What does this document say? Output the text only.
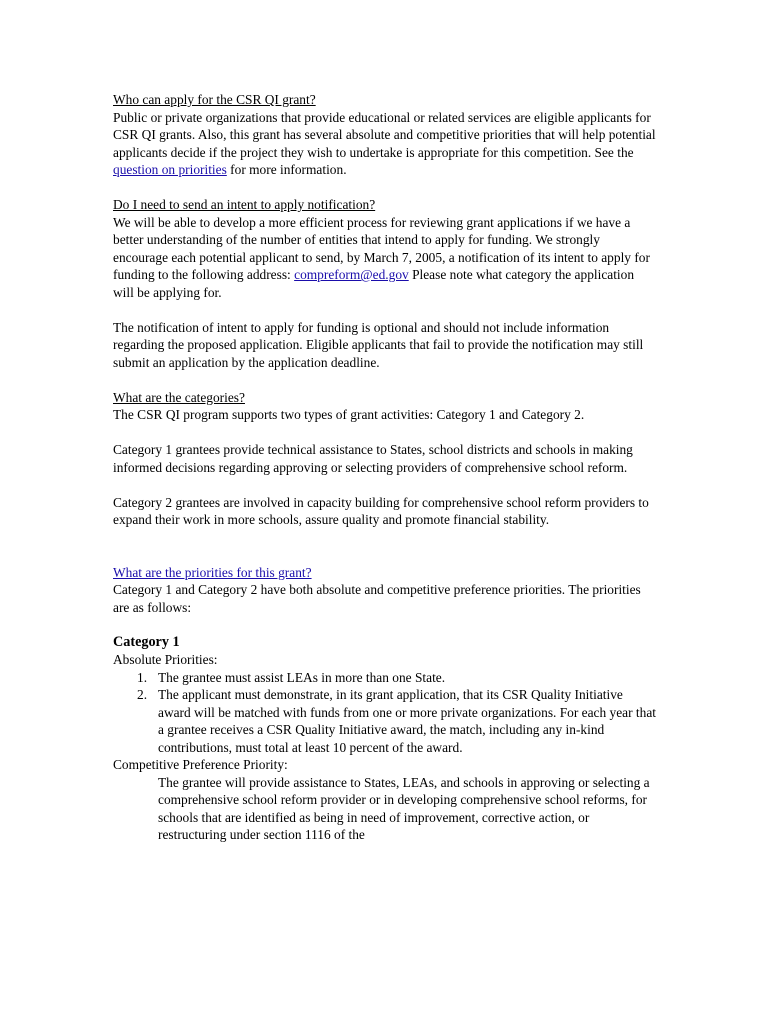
Who can apply for the CSR QI grant?

Public or private organizations that provide educational or related services are eligible applicants for CSR QI grants. Also, this grant has several absolute and competitive priorities that will help potential applicants decide if the project they wish to undertake is appropriate for this competition. See the question on priorities for more information.

Do I need to send an intent to apply notification?

We will be able to develop a more efficient process for reviewing grant applications if we have a better understanding of the number of entities that intend to apply for funding. We strongly encourage each potential applicant to send, by March 7, 2005, a notification of its intent to apply for funding to the following address: compreform@ed.gov Please note what category the application will be applying for.

The notification of intent to apply for funding is optional and should not include information regarding the proposed application. Eligible applicants that fail to provide the notification may still submit an application by the application deadline.

What are the categories?

The CSR QI program supports two types of grant activities: Category 1 and Category 2.

Category 1 grantees provide technical assistance to States, school districts and schools in making informed decisions regarding approving or selecting providers of comprehensive school reform.

Category 2 grantees are involved in capacity building for comprehensive school reform providers to expand their work in more schools, assure quality and promote financial stability.

What are the priorities for this grant?

Category 1 and Category 2 have both absolute and competitive preference priorities. The priorities are as follows:

Category 1

Absolute Priorities:

1. The grantee must assist LEAs in more than one State.
2. The applicant must demonstrate, in its grant application, that its CSR Quality Initiative award will be matched with funds from one or more private organizations. For each year that a grantee receives a CSR Quality Initiative award, the match, including any in-kind contributions, must total at least 10 percent of the award.

Competitive Preference Priority:

The grantee will provide assistance to States, LEAs, and schools in approving or selecting a comprehensive school reform provider or in developing comprehensive school reforms, for schools that are identified as being in need of improvement, corrective action, or restructuring under section 1116 of the
